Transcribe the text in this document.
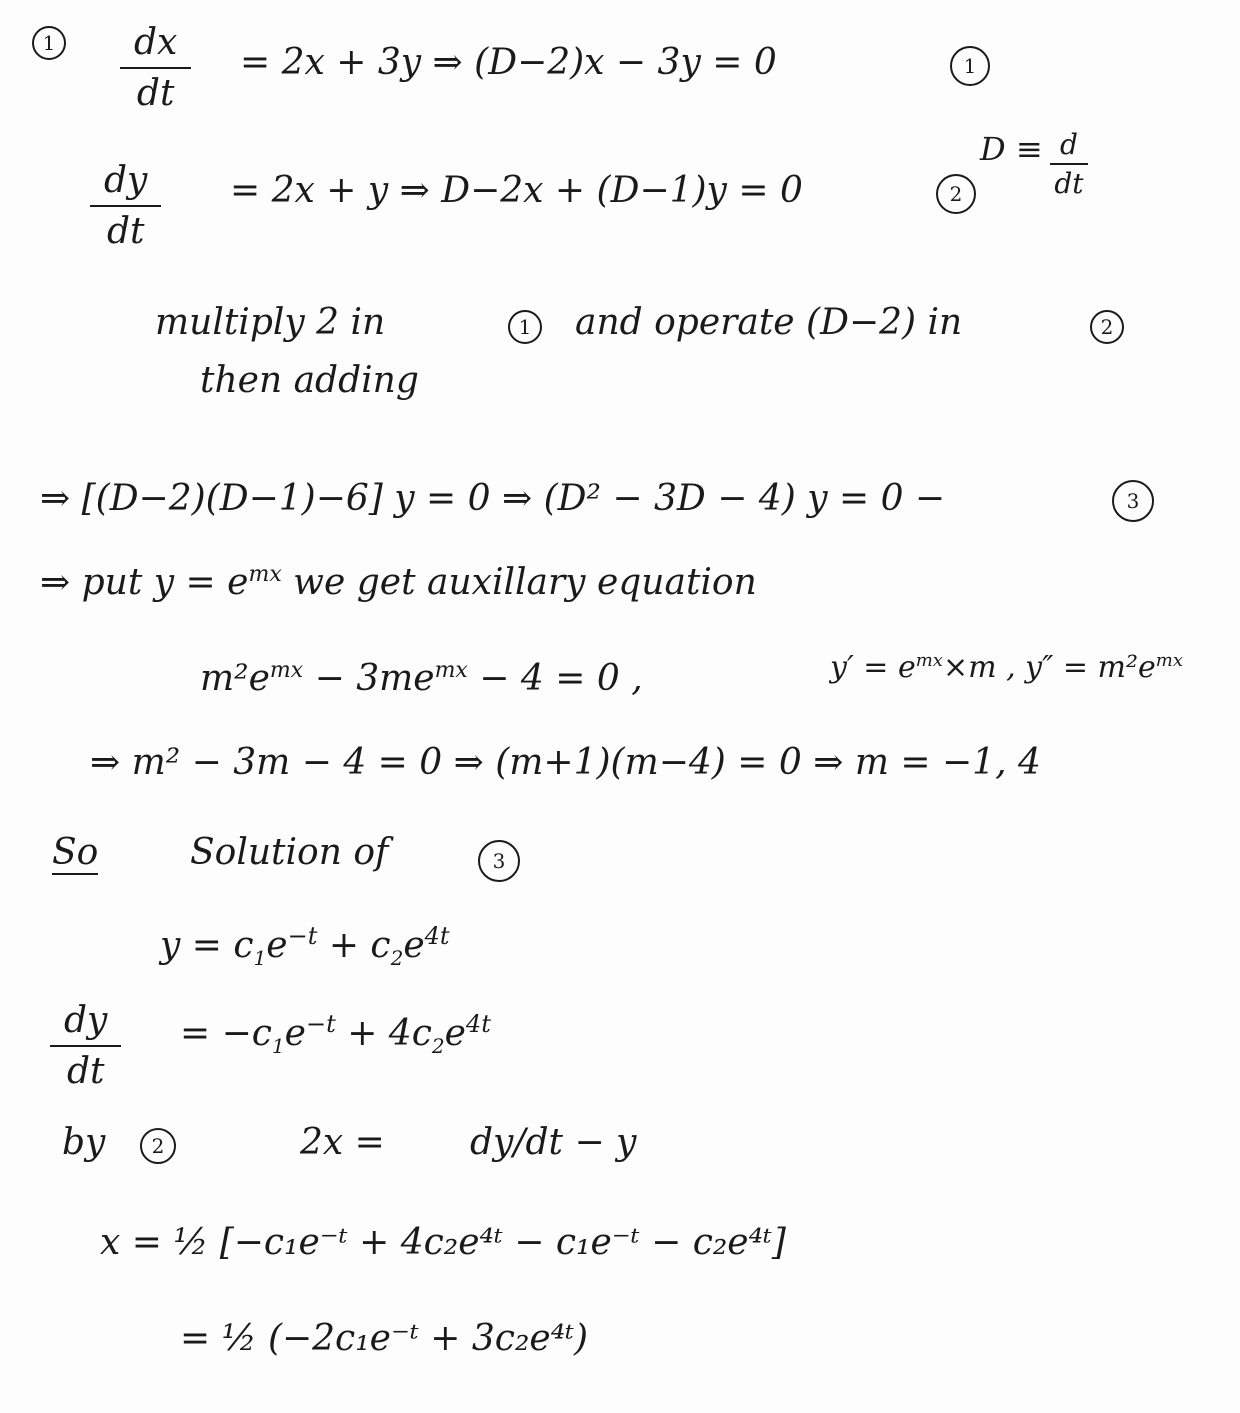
1	dx
dt
= 2x + 3y ⇒ (D−2)x − 3y = 0	1
D ≡ d
dt
dy
dt
= 2x + y ⇒ D−2x + (D−1)y = 0	2
multiply 2 in	1 and operate (D−2) in	2
then adding
⇒ [(D−2)(D−1)−6] y = 0 ⇒ (D² − 3D − 4) y = 0 −	3
⇒ put $y = e^{mx}$ we get auxillary equation
$m^2e^{mx} - 3me^{mx} - 4 = 0$ ,	$y' = e^{mx}\times m$ , $y'' = m^2e^{mx}$
⇒ m² − 3m − 4 = 0 ⇒ (m+1)(m−4) = 0 ⇒ m = −1, 4
So	Solution of	3
$y = c_1e^{-t} + c_2e^{4t}$
dy
dt
= $-c_1e^{-t} + 4c_2e^{4t}$
by 2	2x = dy/dt − y
x = ½ [−c₁e⁻ᵗ + 4c₂e⁴ᵗ − c₁e⁻ᵗ − c₂e⁴ᵗ]
= ½ (−2c₁e⁻ᵗ + 3c₂e⁴ᵗ)
